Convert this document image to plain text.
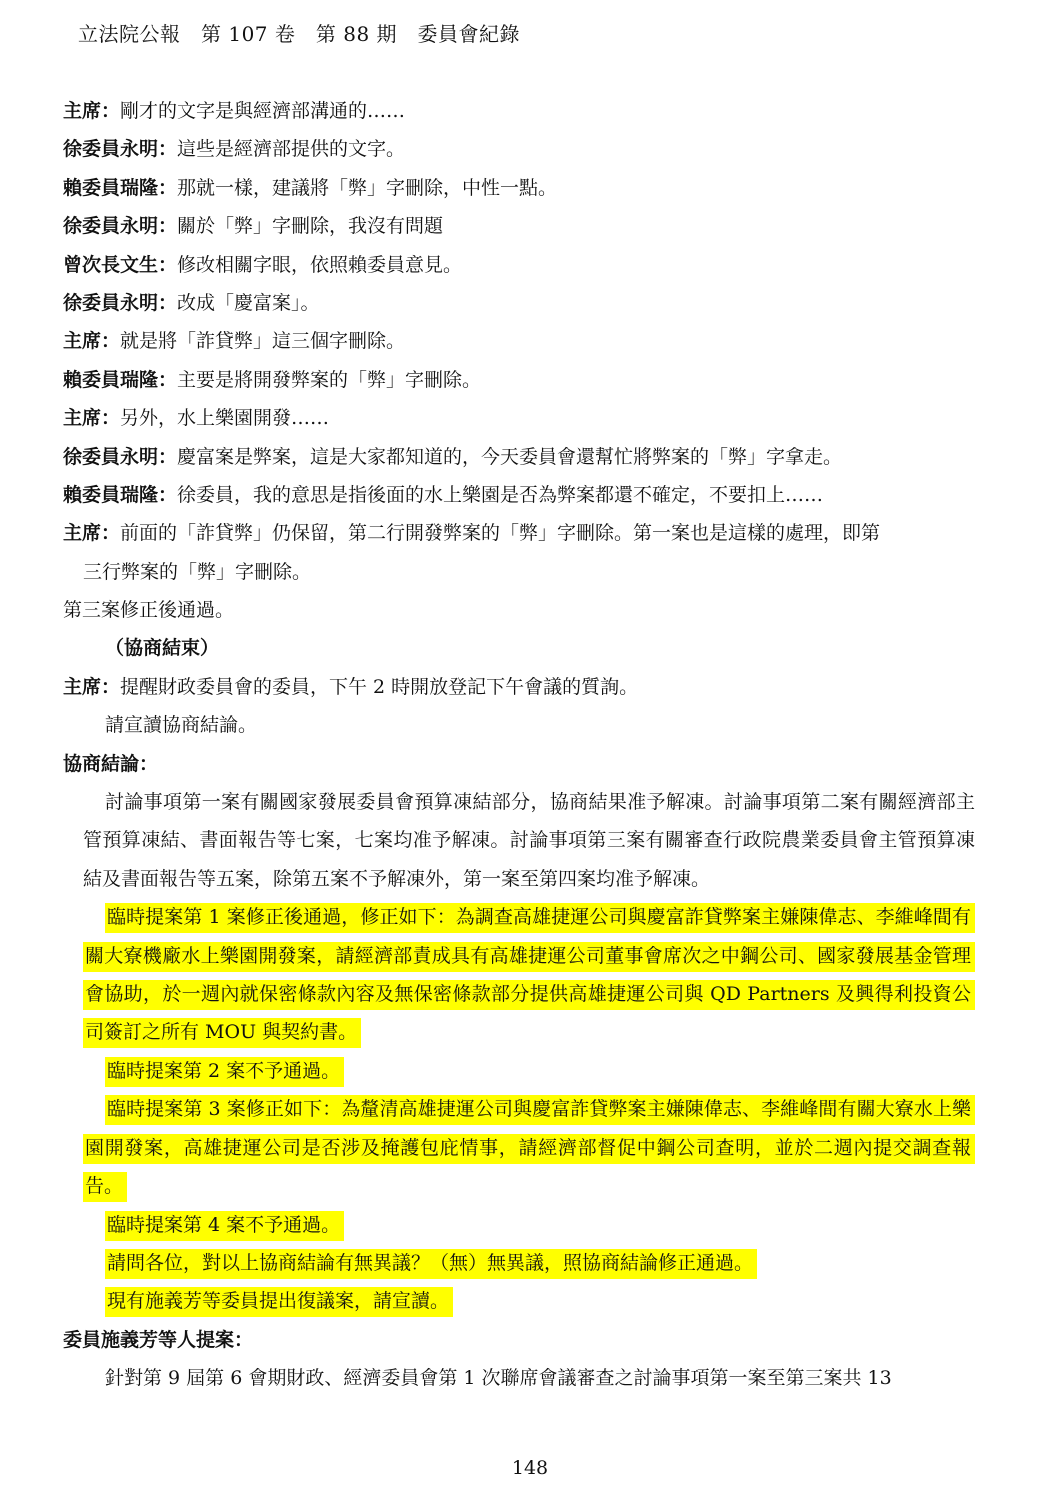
立法院公報　第 107 卷　第 88 期　委員會紀錄
主席：剛才的文字是與經濟部溝通的……
徐委員永明：這些是經濟部提供的文字。
賴委員瑞隆：那就一樣，建議將「弊」字刪除，中性一點。
徐委員永明：關於「弊」字刪除，我沒有問題
曾次長文生：修改相關字眼，依照賴委員意見。
徐委員永明：改成「慶富案」。
主席：就是將「詐貸弊」這三個字刪除。
賴委員瑞隆：主要是將開發弊案的「弊」字刪除。
主席：另外，水上樂園開發……
徐委員永明：慶富案是弊案，這是大家都知道的，今天委員會還幫忙將弊案的「弊」字拿走。
賴委員瑞隆：徐委員，我的意思是指後面的水上樂園是否為弊案都還不確定，不要扣上……
主席：前面的「詐貸弊」仍保留，第二行開發弊案的「弊」字刪除。第一案也是這樣的處理，即第
三行弊案的「弊」字刪除。
第三案修正後通過。
（協商結束）
主席：提醒財政委員會的委員，下午 2 時開放登記下午會議的質詢。
請宣讀協商結論。
協商結論：
討論事項第一案有關國家發展委員會預算凍結部分，協商結果准予解凍。討論事項第二案有關經濟部主管預算凍結、書面報告等七案，七案均准予解凍。討論事項第三案有關審查行政院農業委員會主管預算凍結及書面報告等五案，除第五案不予解凍外，第一案至第四案均准予解凍。
臨時提案第 1 案修正後通過，修正如下：為調查高雄捷運公司與慶富詐貸弊案主嫌陳偉志、李維峰間有關大寮機廠水上樂園開發案，請經濟部責成具有高雄捷運公司董事會席次之中鋼公司、國家發展基金管理會協助，於一週內就保密條款內容及無保密條款部分提供高雄捷運公司與 QD Partners 及興得利投資公司簽訂之所有 MOU 與契約書。
臨時提案第 2 案不予通過。
臨時提案第 3 案修正如下：為釐清高雄捷運公司與慶富詐貸弊案主嫌陳偉志、李維峰間有關大寮水上樂園開發案，高雄捷運公司是否涉及掩護包庇情事，請經濟部督促中鋼公司查明，並於二週內提交調查報告。
臨時提案第 4 案不予通過。
請問各位，對以上協商結論有無異議？（無）無異議，照協商結論修正通過。
現有施義芳等委員提出復議案，請宣讀。
委員施義芳等人提案：
針對第 9 屆第 6 會期財政、經濟委員會第 1 次聯席會議審查之討論事項第一案至第三案共 13
148
